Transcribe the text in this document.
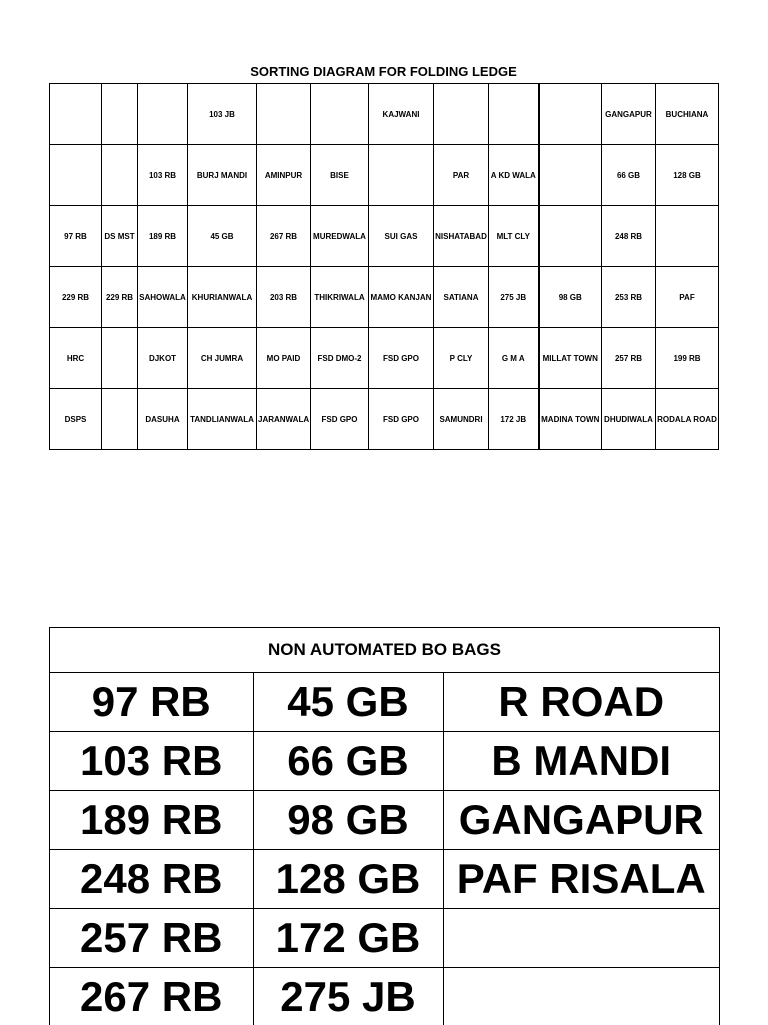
SORTING DIAGRAM FOR FOLDING LEDGE
			103 JB			KAJWANI				GANGAPUR	BUCHIANA
		103 RB	BURJ MANDI	AMINPUR	BISE		PAR	A KD WALA		66 GB	128 GB
97 RB	DS MST	189 RB	45 GB	267 RB	MUREDWALA	SUI GAS	NISHATABAD	MLT CLY		248 RB	
229 RB	229 RB	SAHOWALA	KHURIANWALA	203 RB	THIKRIWALA	MAMO KANJAN	SATIANA	275 JB	98 GB	253 RB	PAF
HRC		DJKOT	CH JUMRA	MO PAID	FSD DMO-2	FSD GPO	P CLY	G M A	MILLAT TOWN	257 RB	199 RB
DSPS		DASUHA	TANDLIANWALA	JARANWALA	FSD GPO	FSD GPO	SAMUNDRI	172 JB	MADINA TOWN	DHUDIWALA	RODALA ROAD
NON AUTOMATED BO BAGS
97 RB	45 GB	R ROAD
103 RB	66 GB	B MANDI
189 RB	98 GB	GANGAPUR
248 RB	128 GB	PAF RISALA
257 RB	172 GB	
267 RB	275 JB	
